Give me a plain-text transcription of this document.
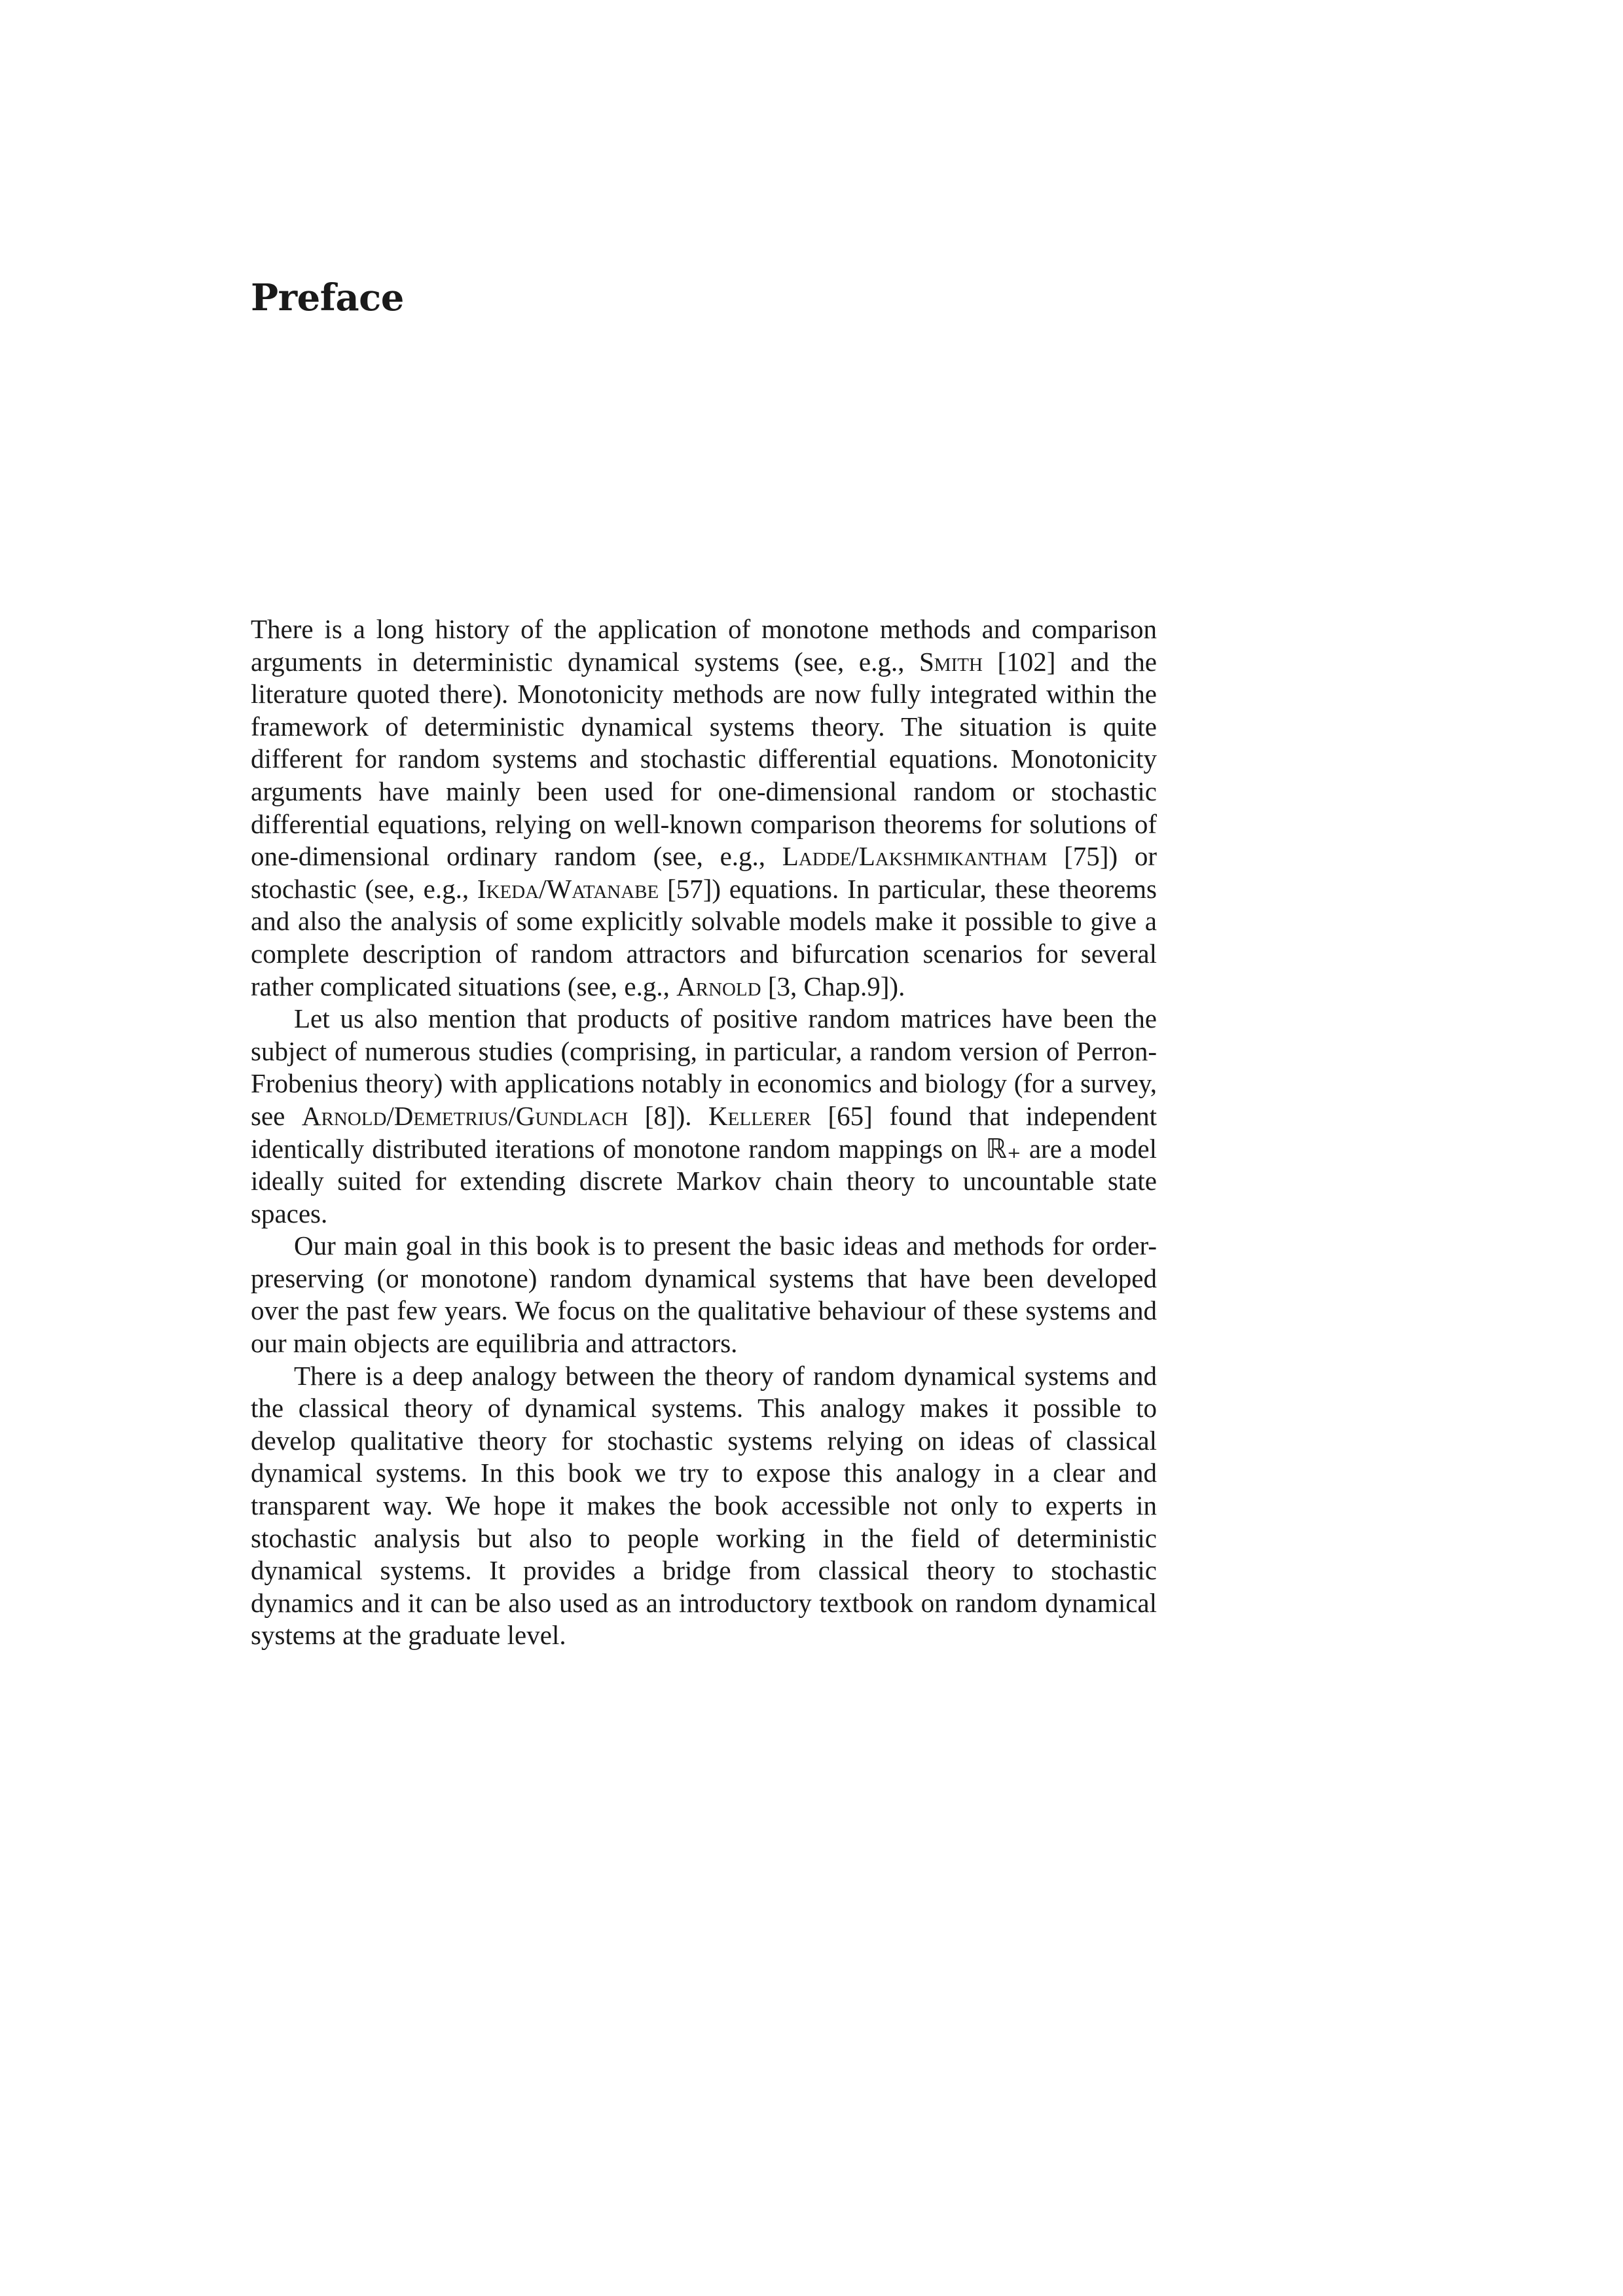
Preface

There is a long history of the application of monotone methods and comparison arguments in deterministic dynamical systems (see, e.g., Smith [102] and the literature quoted there). Monotonicity methods are now fully integrated within the framework of deterministic dynamical systems theory. The situation is quite different for random systems and stochastic differential equations. Monotonicity arguments have mainly been used for one-dimensional random or stochastic differential equations, relying on well-known comparison theorems for solutions of one-dimensional ordinary random (see, e.g., Ladde/Lakshmikantham [75]) or stochastic (see, e.g., Ikeda/Watanabe [57]) equations. In particular, these theorems and also the analysis of some explicitly solvable models make it possible to give a complete description of random attractors and bifurcation scenarios for several rather complicated situations (see, e.g., Arnold [3, Chap.9]).

Let us also mention that products of positive random matrices have been the subject of numerous studies (comprising, in particular, a random version of Perron-Frobenius theory) with applications notably in economics and biology (for a survey, see Arnold/Demetrius/Gundlach [8]). Kellerer [65] found that independent identically distributed iterations of monotone random mappings on ℝ₊ are a model ideally suited for extending discrete Markov chain theory to uncountable state spaces.

Our main goal in this book is to present the basic ideas and methods for order-preserving (or monotone) random dynamical systems that have been developed over the past few years. We focus on the qualitative behaviour of these systems and our main objects are equilibria and attractors.

There is a deep analogy between the theory of random dynamical systems and the classical theory of dynamical systems. This analogy makes it possible to develop qualitative theory for stochastic systems relying on ideas of classical dynamical systems. In this book we try to expose this analogy in a clear and transparent way. We hope it makes the book accessible not only to experts in stochastic analysis but also to people working in the field of deterministic dynamical systems. It provides a bridge from classical theory to stochastic dynamics and it can be also used as an introductory textbook on random dynamical systems at the graduate level.
